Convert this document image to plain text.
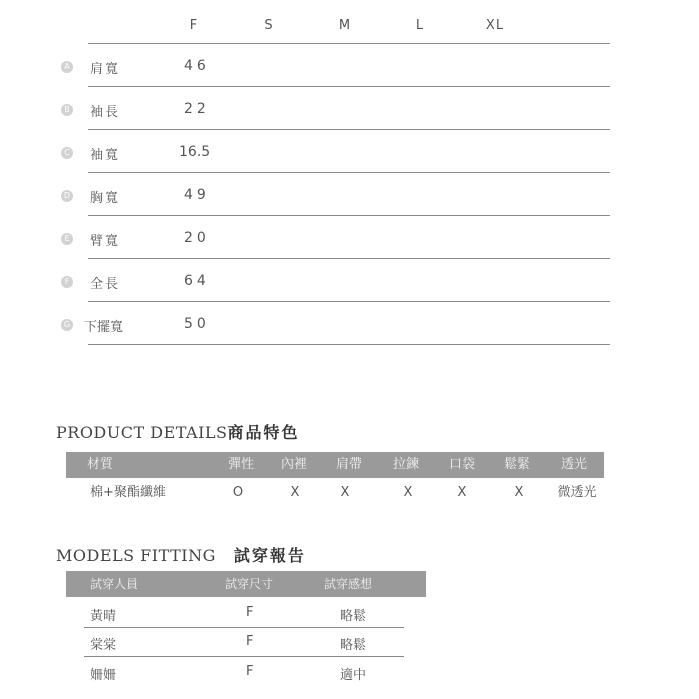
F	S	M	L	XL
A 肩寬	46
B 袖長	22
C 袖寬	16.5
D 胸寬	49
E 臂寬	20
F 全長	64
G 下擺寬	50
PRODUCT DETAILS商品特色
材質	彈性 內裡 肩帶 拉鍊 口袋 鬆緊 透光
棉+聚酯纖維	O	X	X	X	X	X	微透光
MODELS FITTING 試穿報告
試穿人員	試穿尺寸	試穿感想
黃晴	F	略鬆
棠棠	F	略鬆
姍姍	F	適中
